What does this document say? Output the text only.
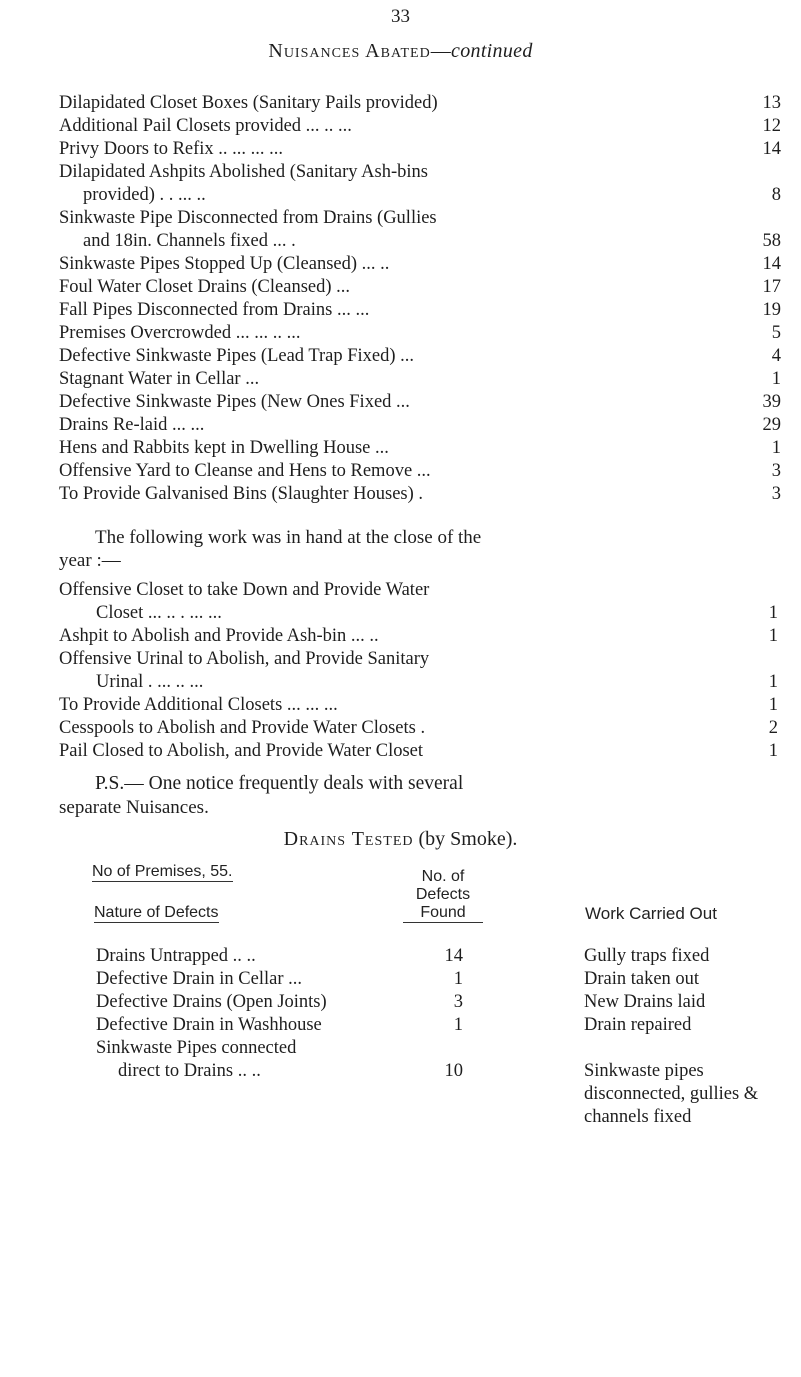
33
Nuisances Abated—continued
Dilapidated Closet Boxes (Sanitary Pails provided)	13
Additional Pail Closets provided ... .. ...	12
Privy Doors to Refix .. ... ... ...	14
Dilapidated Ashpits Abolished (Sanitary Ash-bins
provided) . . ... ..	8
Sinkwaste Pipe Disconnected from Drains (Gullies
and 18in. Channels fixed ... .	58
Sinkwaste Pipes Stopped Up (Cleansed) ... ..	14
Foul Water Closet Drains (Cleansed) ...	17
Fall Pipes Disconnected from Drains ... ...	19
Premises Overcrowded ... ... .. ...	5
Defective Sinkwaste Pipes (Lead Trap Fixed) ...	4
Stagnant Water in Cellar ...	1
Defective Sinkwaste Pipes (New Ones Fixed ...	39
Drains Re-laid ... ...	29
Hens and Rabbits kept in Dwelling House ...	1
Offensive Yard to Cleanse and Hens to Remove ...	3
To Provide Galvanised Bins (Slaughter Houses) .	3
The following work was in hand at the close of the
year :—
Offensive Closet to take Down and Provide Water
Closet ... .. . ... ...	1
Ashpit to Abolish and Provide Ash-bin ... ..	1
Offensive Urinal to Abolish, and Provide Sanitary
Urinal . ... .. ...	1
To Provide Additional Closets ... ... ...	1
Cesspools to Abolish and Provide Water Closets .	2
Pail Closed to Abolish, and Provide Water Closet	1
P.S.— One notice frequently deals with several
separate Nuisances.
Drains Tested (by Smoke).
No of Premises, 55.	No. of
Defects
Found
Nature of Defects	Work Carried Out
Drains Untrapped .. ..	14	Gully traps fixed
Defective Drain in Cellar ...	1	Drain taken out
Defective Drains (Open Joints)	3	New Drains laid
Defective Drain in Washhouse	1	Drain repaired
Sinkwaste Pipes connected
direct to Drains .. ..	10	Sinkwaste pipes disconnected, gullies & channels fixed
